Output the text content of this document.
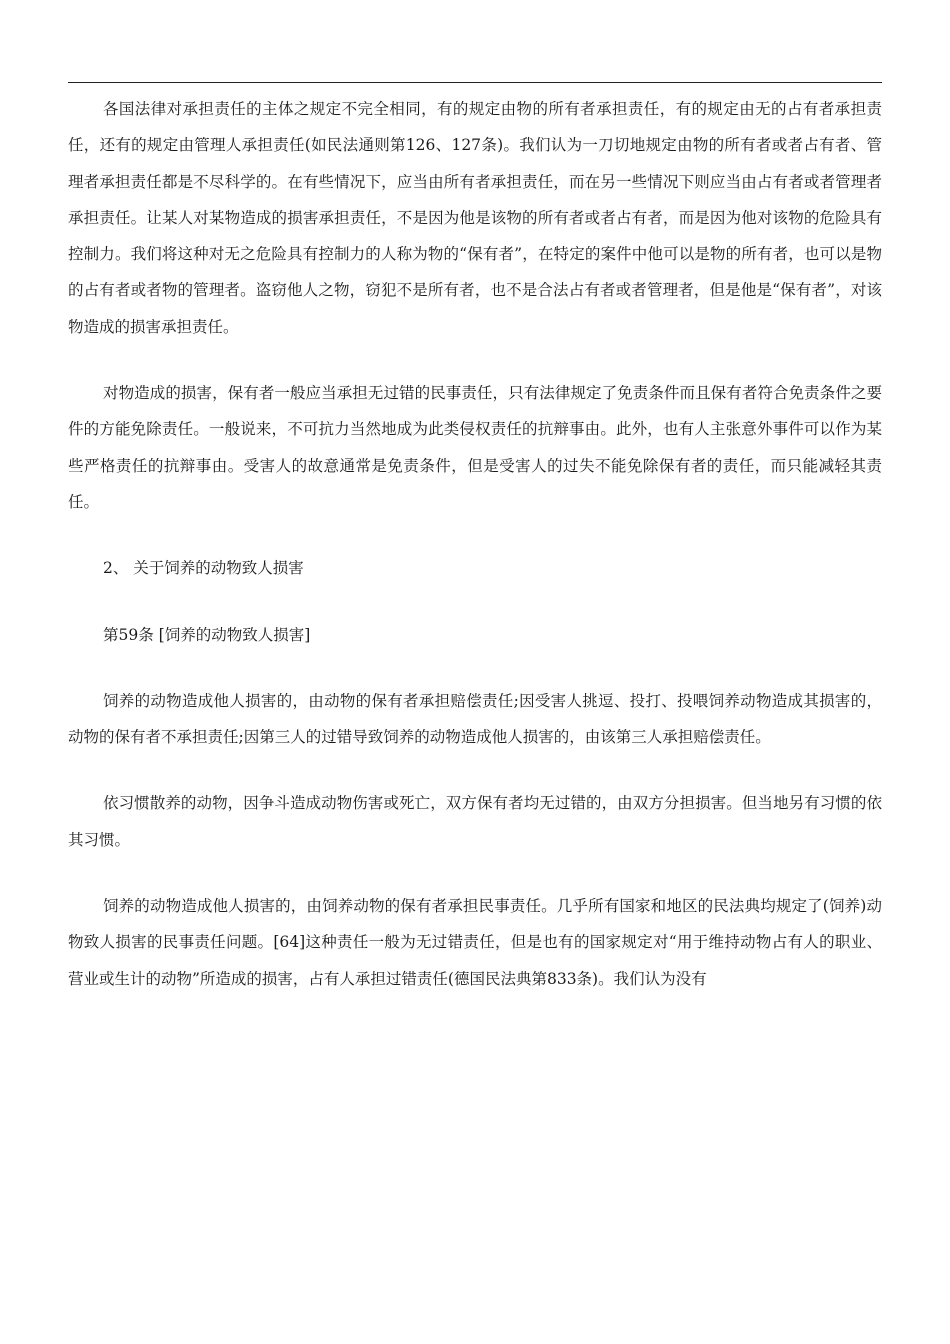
各国法律对承担责任的主体之规定不完全相同，有的规定由物的所有者承担责任，有的规定由无的占有者承担责任，还有的规定由管理人承担责任(如民法通则第126、127条)。我们认为一刀切地规定由物的所有者或者占有者、管理者承担责任都是不尽科学的。在有些情况下，应当由所有者承担责任，而在另一些情况下则应当由占有者或者管理者承担责任。让某人对某物造成的损害承担责任，不是因为他是该物的所有者或者占有者，而是因为他对该物的危险具有控制力。我们将这种对无之危险具有控制力的人称为物的“保有者”，在特定的案件中他可以是物的所有者，也可以是物的占有者或者物的管理者。盗窃他人之物，窃犯不是所有者，也不是合法占有者或者管理者，但是他是“保有者”，对该物造成的损害承担责任。

对物造成的损害，保有者一般应当承担无过错的民事责任，只有法律规定了免责条件而且保有者符合免责条件之要件的方能免除责任。一般说来，不可抗力当然地成为此类侵权责任的抗辩事由。此外，也有人主张意外事件可以作为某些严格责任的抗辩事由。受害人的故意通常是免责条件，但是受害人的过失不能免除保有者的责任，而只能减轻其责任。

2、 关于饲养的动物致人损害

第59条 [饲养的动物致人损害]

饲养的动物造成他人损害的，由动物的保有者承担赔偿责任;因受害人挑逗、投打、投喂饲养动物造成其损害的，动物的保有者不承担责任;因第三人的过错导致饲养的动物造成他人损害的，由该第三人承担赔偿责任。

依习惯散养的动物，因争斗造成动物伤害或死亡，双方保有者均无过错的，由双方分担损害。但当地另有习惯的依其习惯。

饲养的动物造成他人损害的，由饲养动物的保有者承担民事责任。几乎所有国家和地区的民法典均规定了(饲养)动物致人损害的民事责任问题。[64]这种责任一般为无过错责任，但是也有的国家规定对“用于维持动物占有人的职业、营业或生计的动物”所造成的损害，占有人承担过错责任(德国民法典第833条)。我们认为没有
